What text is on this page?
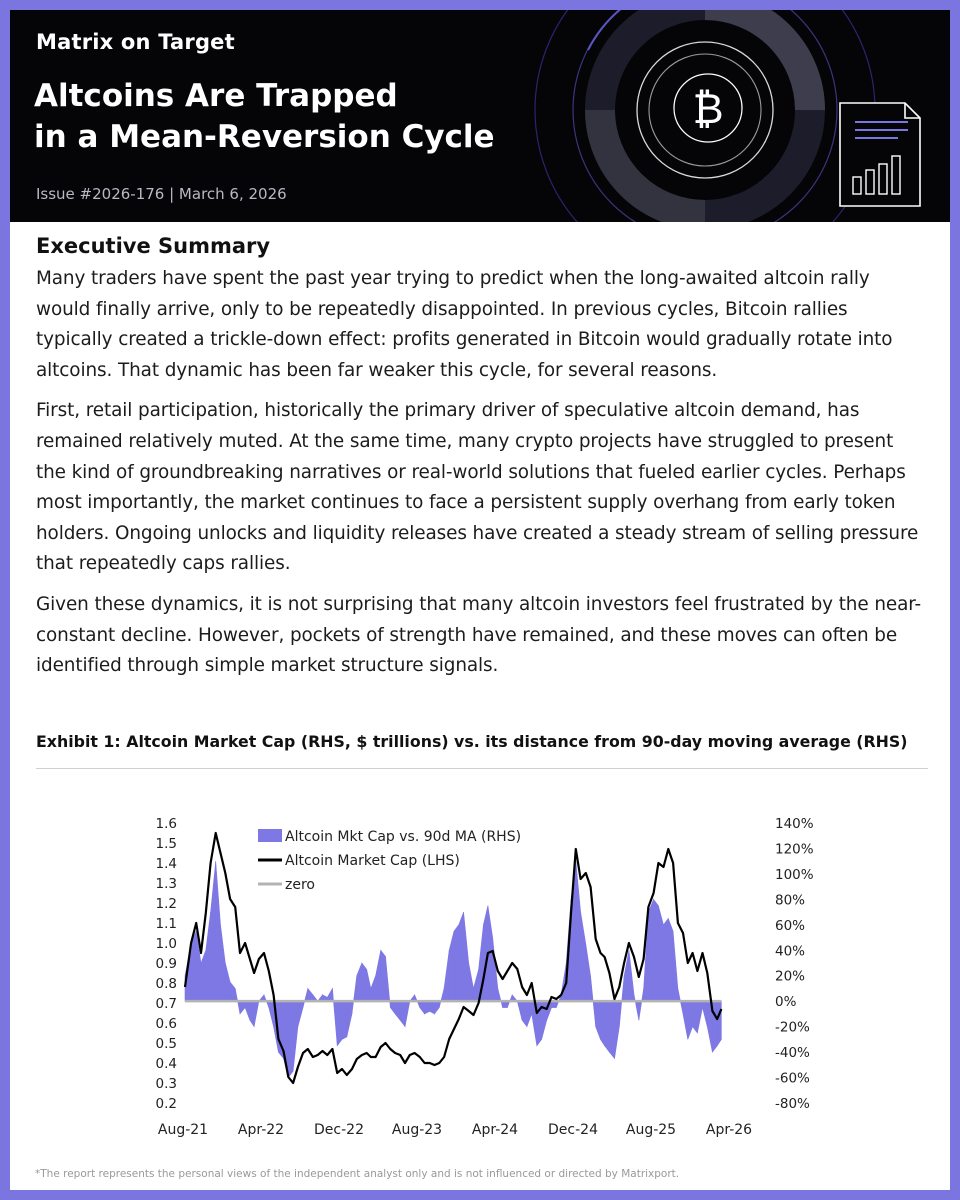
₿
Matrix on Target
Altcoins Are Trapped
in a Mean-Reversion Cycle
Issue #2026-176 | March 6, 2026
Executive Summary

Many traders have spent the past year trying to predict when the long-awaited altcoin rally would finally arrive, only to be repeatedly disappointed. In previous cycles, Bitcoin rallies typically created a trickle-down effect: profits generated in Bitcoin would gradually rotate into altcoins. That dynamic has been far weaker this cycle, for several reasons.

First, retail participation, historically the primary driver of speculative altcoin demand, has remained relatively muted. At the same time, many crypto projects have struggled to present the kind of groundbreaking narratives or real-world solutions that fueled earlier cycles. Perhaps most importantly, the market continues to face a persistent supply overhang from early token holders. Ongoing unlocks and liquidity releases have created a steady stream of selling pressure that repeatedly caps rallies.

Given these dynamics, it is not surprising that many altcoin investors feel frustrated by the near-constant decline. However, pockets of strength have remained, and these moves can often be identified through simple market structure signals.

Exhibit 1: Altcoin Market Cap (RHS, $ trillions) vs. its distance from 90-day moving average (RHS)
1.6
1.5
1.4
1.3
1.2
1.1
1.0
0.9
0.8
0.7
0.6
0.5
0.4
0.3
0.2
140%
120%
100%
80%
60%
40%
20%
0%
-20%
-40%
-60%
-80%
Aug-21 Apr-22 Dec-22 Aug-23 Apr-24 Dec-24 Aug-25 Apr-26
Altcoin Mkt Cap vs. 90d MA (RHS)
Altcoin Market Cap (LHS)
zero
*The report represents the personal views of the independent analyst only and is not influenced or directed by Matrixport.
